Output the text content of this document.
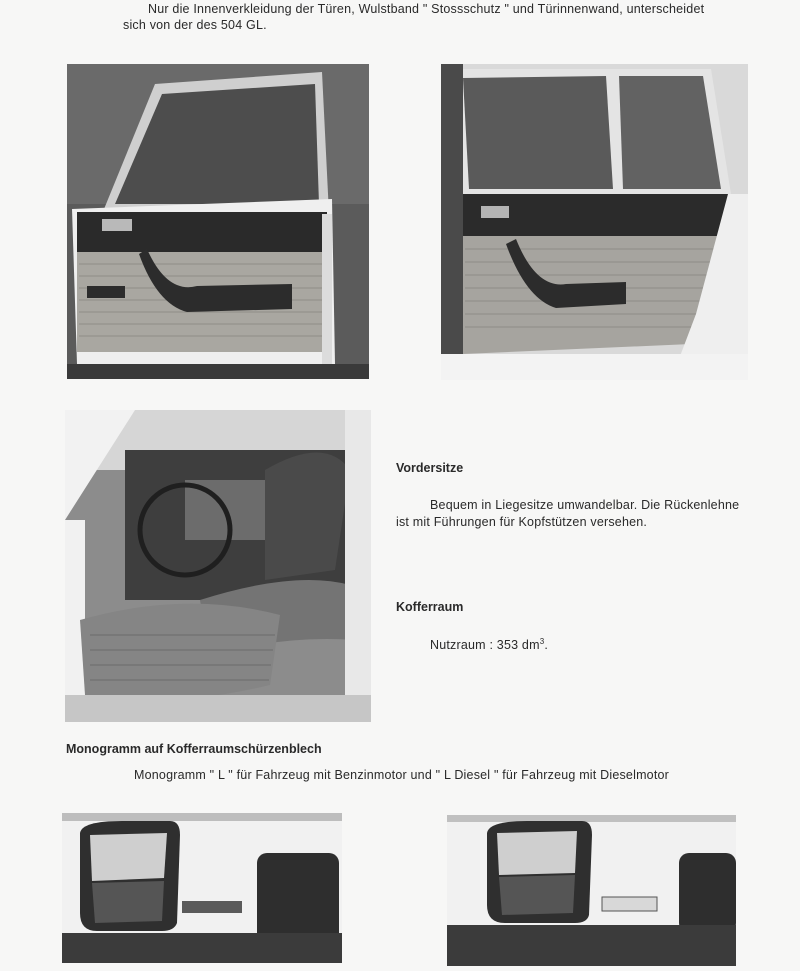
Nur die Innenverkleidung der Türen, Wulstband " Stossschutz " und Türinnenwand, unterscheidet
sich von der des 504 GL.
Vordersitze
Bequem in Liegesitze umwandelbar. Die Rückenlehne
ist mit Führungen für Kopfstützen versehen.
Kofferraum
Nutzraum : 353 $dm^3$.
Monogramm auf Kofferraumschürzenblech
Monogramm " L " für Fahrzeug mit Benzinmotor und " L Diesel " für Fahrzeug mit Dieselmotor
